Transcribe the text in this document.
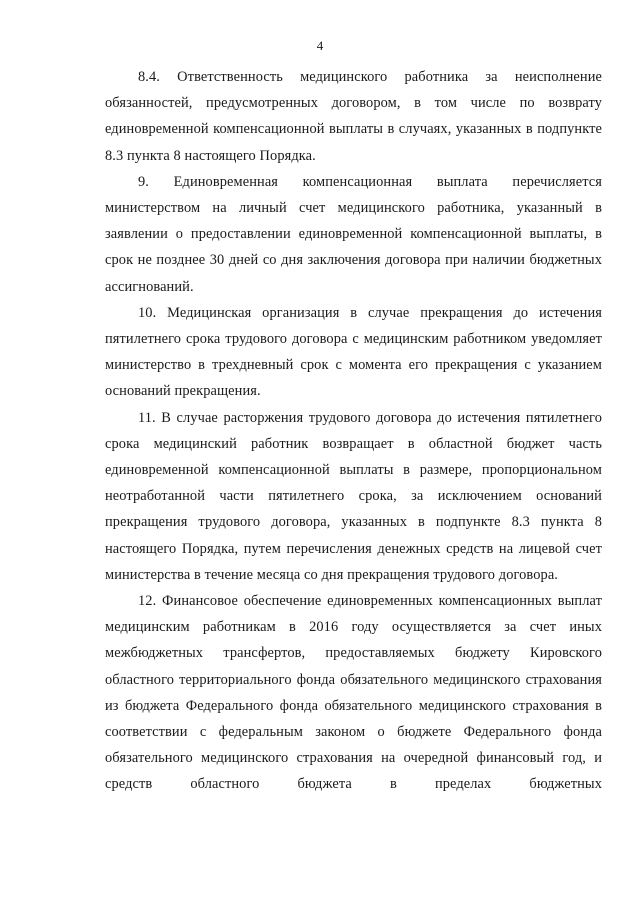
4

8.4. Ответственность медицинского работника за неисполнение обязанностей, предусмотренных договором, в том числе по возврату единовременной компенсационной выплаты в случаях, указанных в подпункте 8.3 пункта 8 настоящего Порядка.

9. Единовременная компенсационная выплата перечисляется министерством на личный счет медицинского работника, указанный в заявлении о предоставлении единовременной компенсационной выплаты, в срок не позднее 30 дней со дня заключения договора при наличии бюджетных ассигнований.

10. Медицинская организация в случае прекращения до истечения пятилетнего срока трудового договора с медицинским работником уведомляет министерство в трехдневный срок с момента его прекращения с указанием оснований прекращения.

11. В случае расторжения трудового договора до истечения пятилетнего срока медицинский работник возвращает в областной бюджет часть единовременной компенсационной выплаты в размере, пропорциональном неотработанной части пятилетнего срока, за исключением оснований прекращения трудового договора, указанных в подпункте 8.3 пункта 8 настоящего Порядка, путем перечисления денежных средств на лицевой счет министерства в течение месяца со дня прекращения трудового договора.

12. Финансовое обеспечение единовременных компенсационных выплат медицинским работникам в 2016 году осуществляется за счет иных межбюджетных трансфертов, предоставляемых бюджету Кировского областного территориального фонда обязательного медицинского страхования из бюджета Федерального фонда обязательного медицинского страхования в соответствии с федеральным законом о бюджете Федерального фонда обязательного медицинского страхования на очередной финансовый год, и средств областного бюджета в пределах бюджетных
